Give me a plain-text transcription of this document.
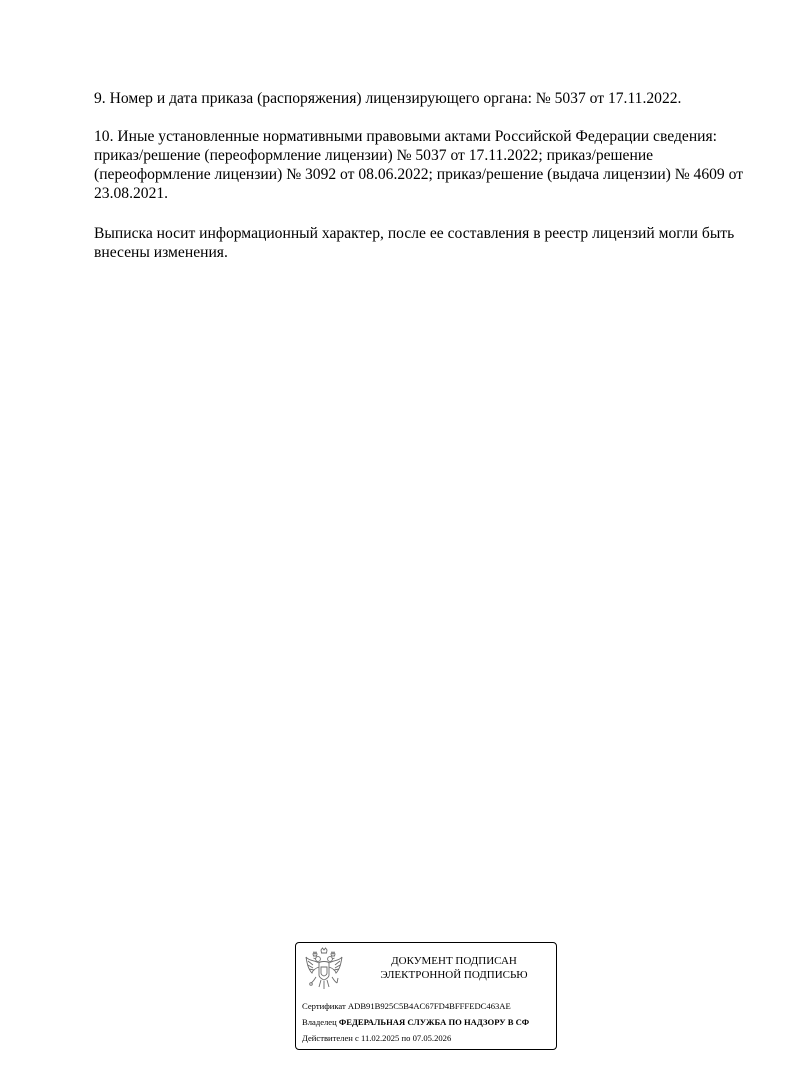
9. Номер и дата приказа (распоряжения) лицензирующего органа: № 5037 от 17.11.2022.

10. Иные установленные нормативными правовыми актами Российской Федерации сведения:
приказ/решение (переоформление лицензии) № 5037 от 17.11.2022; приказ/решение
(переоформление лицензии) № 3092 от 08.06.2022; приказ/решение (выдача лицензии) № 4609 от
23.08.2021.

Выписка носит информационный характер, после ее составления в реестр лицензий могли быть
внесены изменения.

ДОКУМЕНТ ПОДПИСАН
ЭЛЕКТРОННОЙ ПОДПИСЬЮ
Сертификат ADB91B925C5B4AC67FD4BFFFEDC463AE
Владелец ФЕДЕРАЛЬНАЯ СЛУЖБА ПО НАДЗОРУ В СФ
Действителен с 11.02.2025 по 07.05.2026
